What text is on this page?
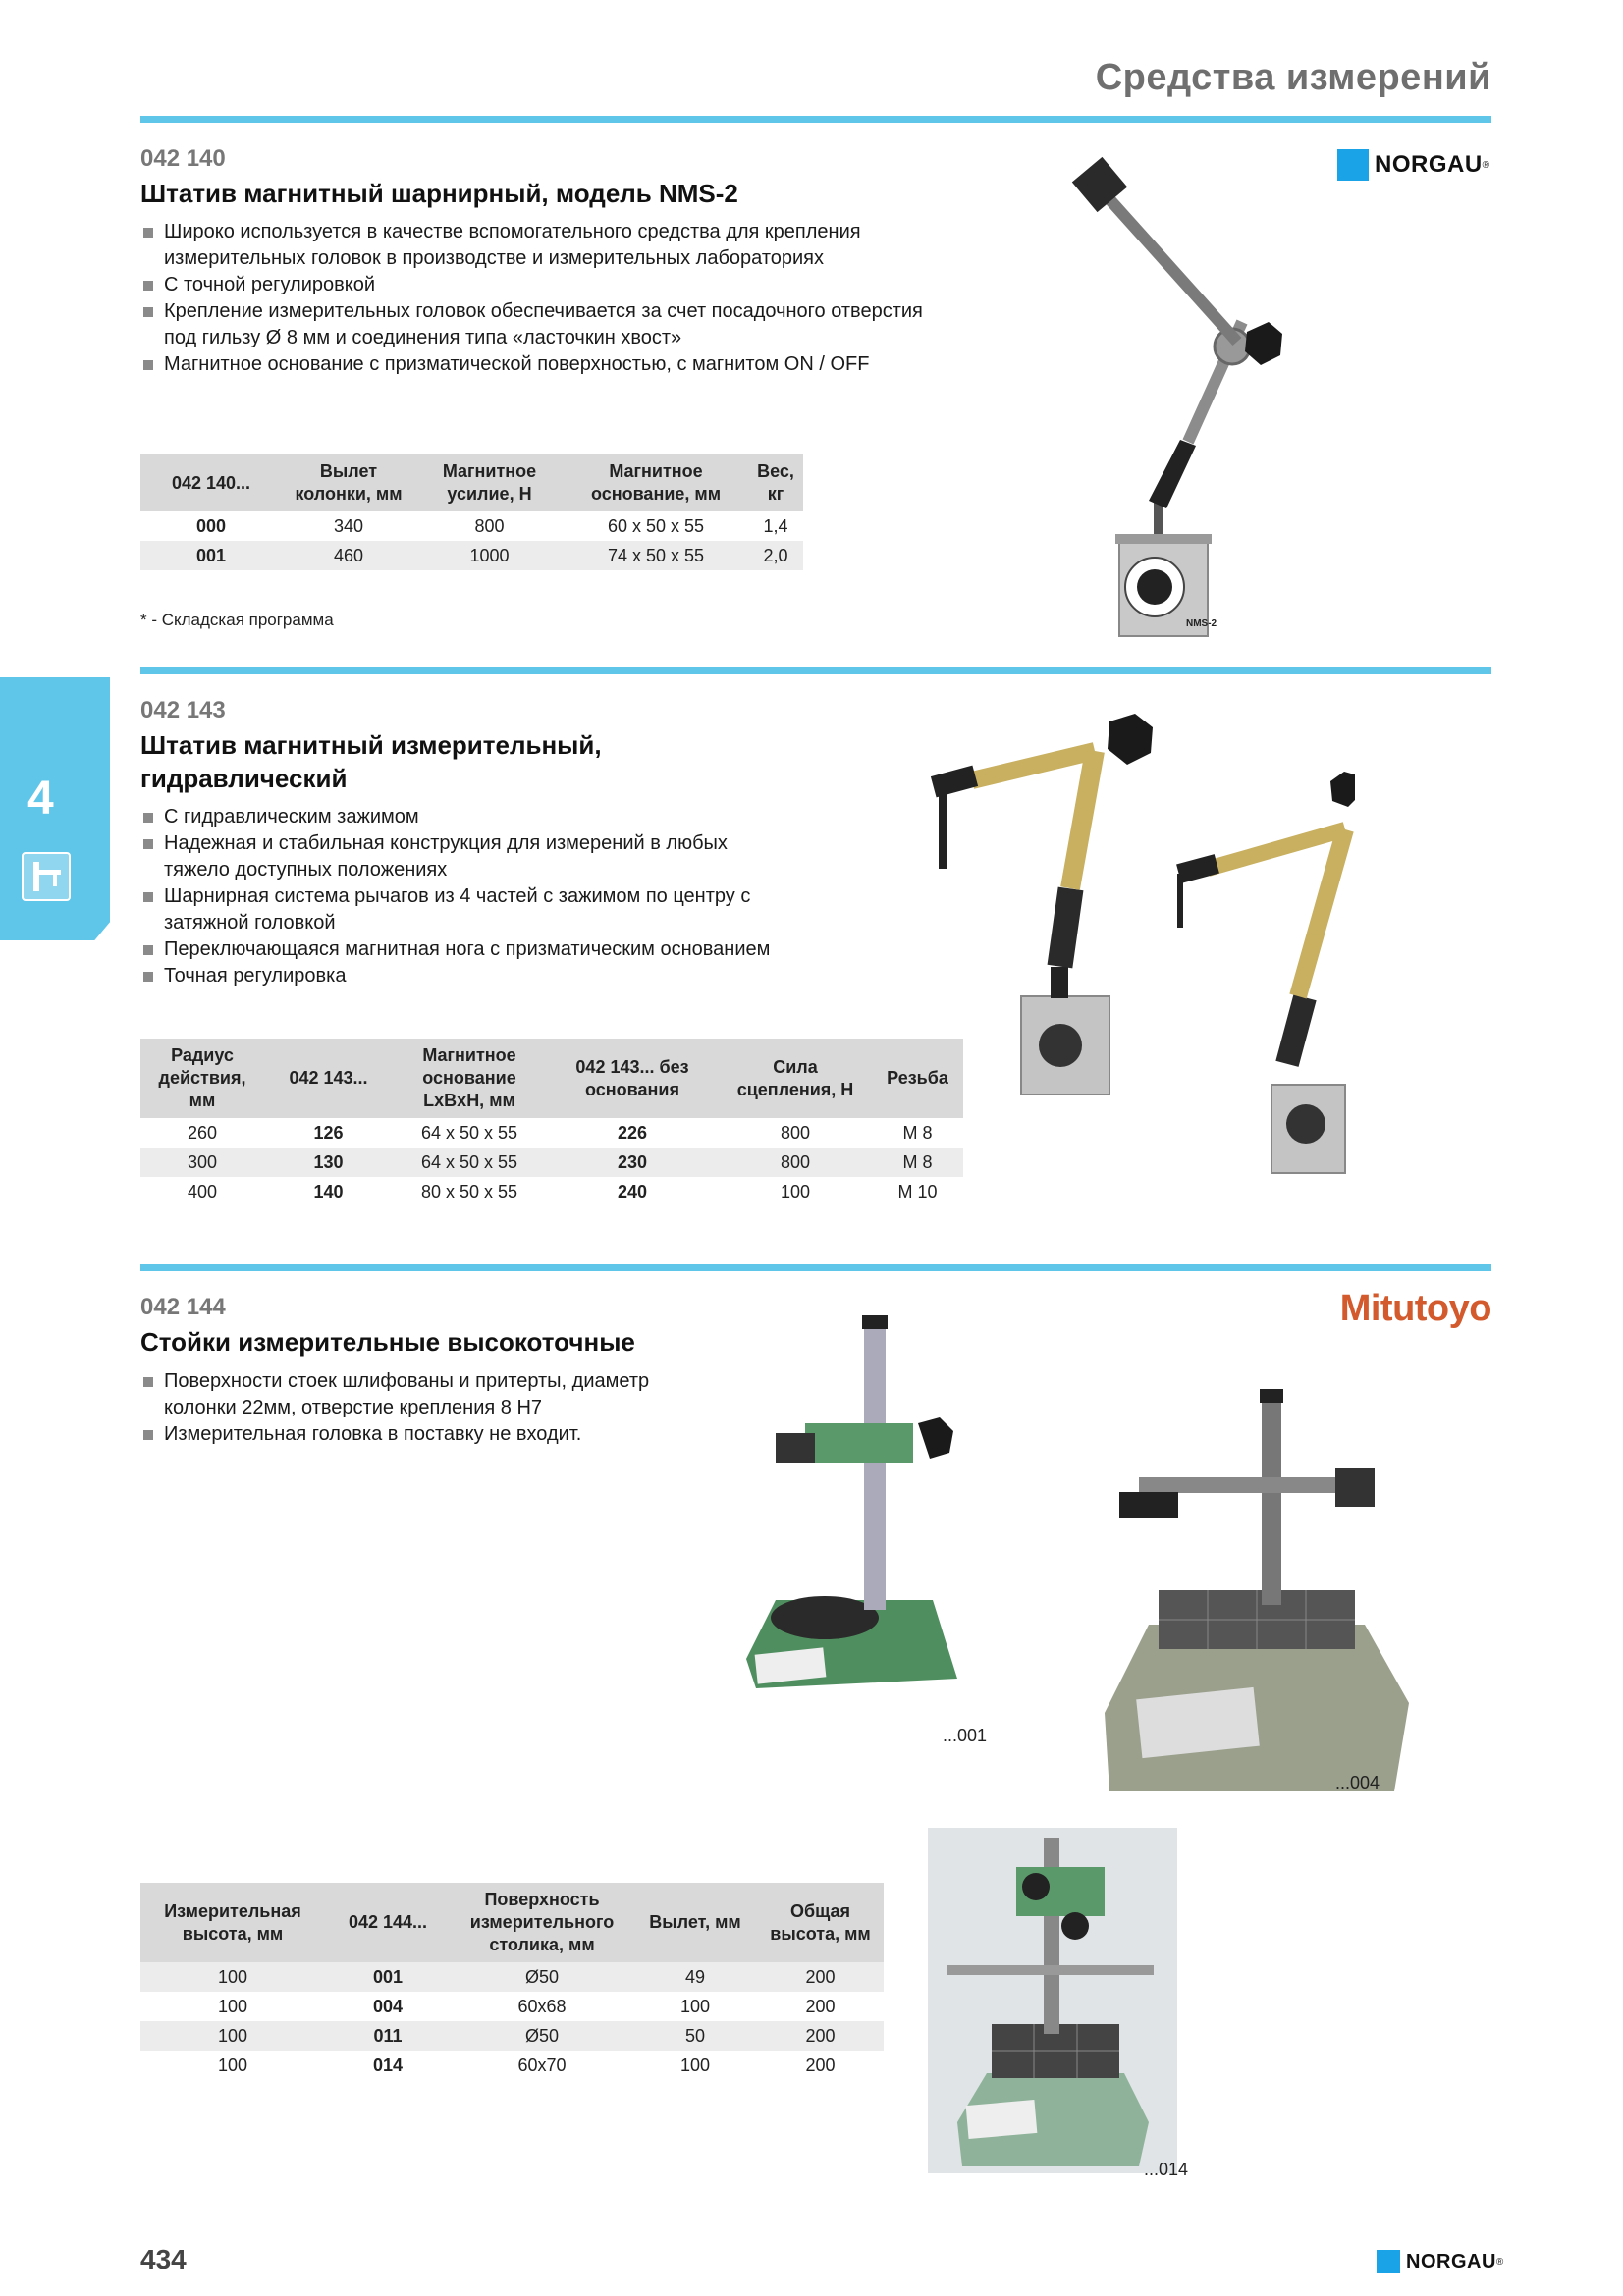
Средства измерений
4
042 140
Штатив магнитный шарнирный, модель NMS-2
NORGAU ®
Широко используется в качестве вспомогательного средства для крепления измерительных головок в производстве и измерительных лабораториях
С точной регулировкой
Крепление измерительных головок обеспечивается за счет посадочного отверстия под гильзу Ø 8 мм и соединения типа «ласточкин хвост»
Магнитное основание с призматической поверхностью, с магнитом ON / OFF
042 140...	Вылет колонки, мм	Магнитное усилие, Н	Магнитное основание, мм	Вес, кг
000	340	800	60 x 50 x 55	1,4
001	460	1000	74 x 50 x 55	2,0
* - Складская программа	NMS-2
042 143
Штатив магнитный измерительный,
гидравлический
С гидравлическим зажимом
Надежная и стабильная конструкция для измерений в любых тяжело доступных положениях
Шарнирная система рычагов из 4 частей с зажимом по центру с затяжной головкой
Переключающаяся магнитная нога с призматическим основанием
Точная регулировка
Радиус действия, мм	042 143...	Магнитное основание LxBxH, мм	042 143... без основания	Сила сцепления, Н	Резьба
260	126	64 x 50 x 55	226	800	M 8
300	130	64 x 50 x 55	230	800	M 8
400	140	80 x 50 x 55	240	100	M 10
042 144
Стойки измерительные высокоточные
Mitutoyo
Поверхности стоек шлифованы и притерты, диаметр колонки 22мм, отверстие крепления 8 H7
Измерительная головка в поставку не входит.
...001
...004
...014
Измерительная высота, мм	042 144...	Поверхность измерительного столика, мм	Вылет, мм	Общая высота, мм
100	001	Ø50	49	200
100	004	60x68	100	200
100	011	Ø50	50	200
100	014	60x70	100	200
434	NORGAU ®
